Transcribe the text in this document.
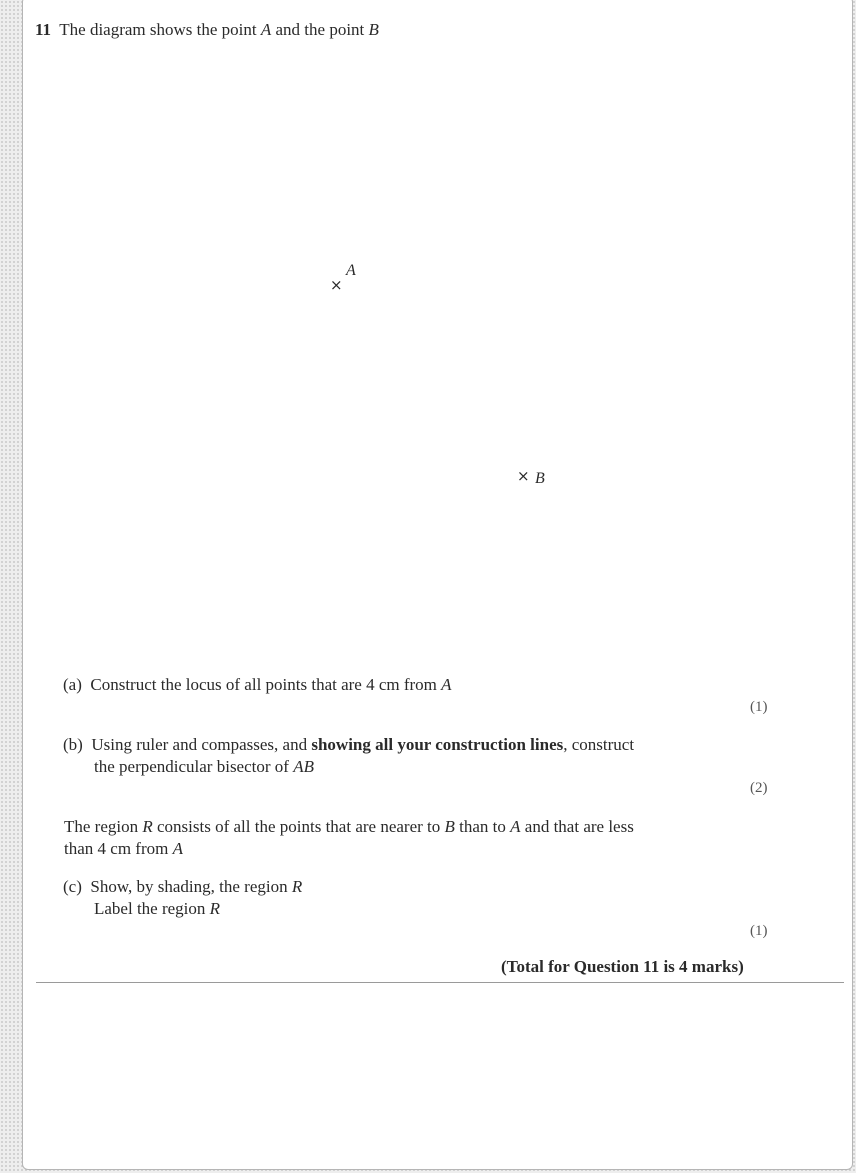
11 The diagram shows the point A and the point B
×
A
× B
(a) Construct the locus of all points that are 4 cm from A
(1)
(b) Using ruler and compasses, and showing all your construction lines, construct
the perpendicular bisector of AB
(2)
The region R consists of all the points that are nearer to B than to A and that are less
than 4 cm from A
(c) Show, by shading, the region R
Label the region R
(1)
(Total for Question 11 is 4 marks)
